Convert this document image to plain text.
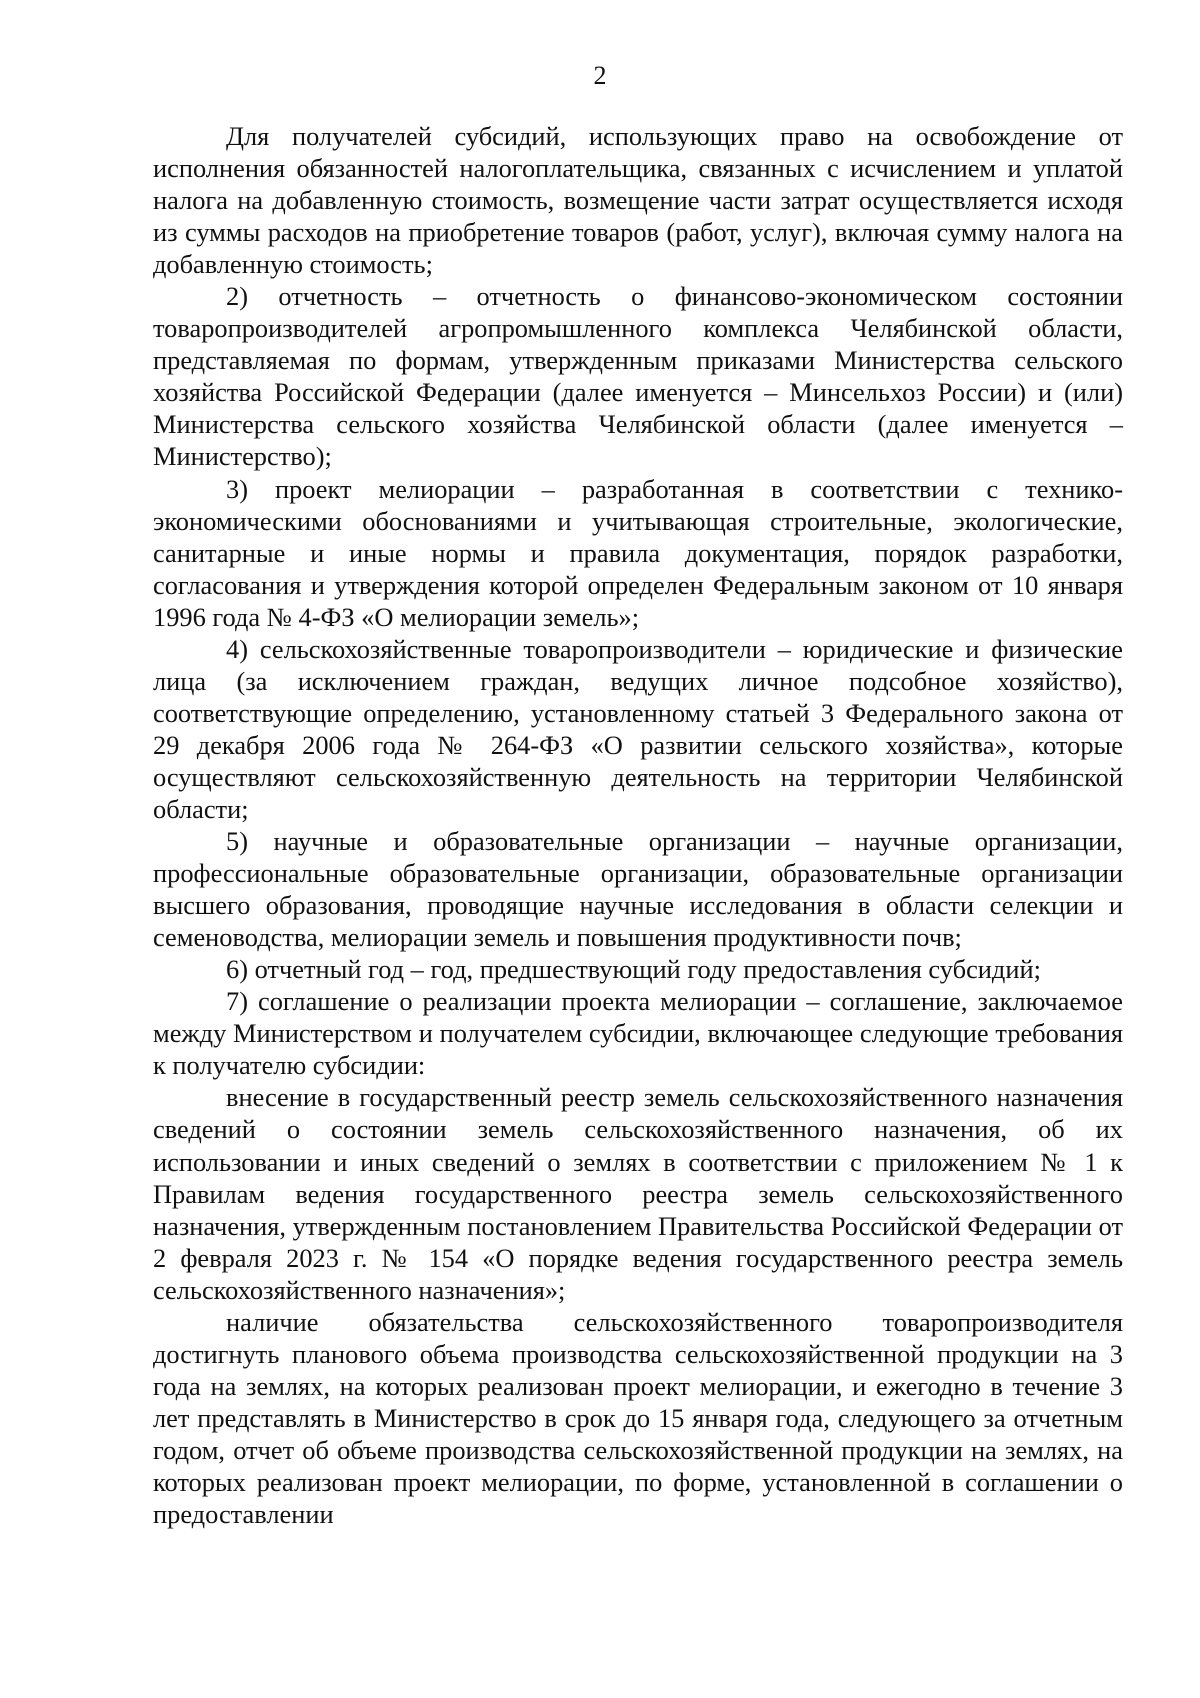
2

Для получателей субсидий, использующих право на освобождение от исполнения обязанностей налогоплательщика, связанных с исчислением и уплатой налога на добавленную стоимость, возмещение части затрат осуществляется исходя из суммы расходов на приобретение товаров (работ, услуг), включая сумму налога на добавленную стоимость;

2) отчетность – отчетность о финансово-экономическом состоянии товаропроизводителей агропромышленного комплекса Челябинской области, представляемая по формам, утвержденным приказами Министерства сельского хозяйства Российской Федерации (далее именуется – Минсельхоз России) и (или) Министерства сельского хозяйства Челябинской области (далее именуется – Министерство);

3) проект мелиорации – разработанная в соответствии с технико-экономическими обоснованиями и учитывающая строительные, экологические, санитарные и иные нормы и правила документация, порядок разработки, согласования и утверждения которой определен Федеральным законом от 10 января 1996 года № 4-ФЗ «О мелиорации земель»;

4) сельскохозяйственные товаропроизводители – юридические и физические лица (за исключением граждан, ведущих личное подсобное хозяйство), соответствующие определению, установленному статьей 3 Федерального закона от 29 декабря 2006 года № 264-ФЗ «О развитии сельского хозяйства», которые осуществляют сельскохозяйственную деятельность на территории Челябинской области;

5) научные и образовательные организации – научные организации, профессиональные образовательные организации, образовательные организации высшего образования, проводящие научные исследования в области селекции и семеноводства, мелиорации земель и повышения продуктивности почв;

6) отчетный год – год, предшествующий году предоставления субсидий;

7) соглашение о реализации проекта мелиорации – соглашение, заключаемое между Министерством и получателем субсидии, включающее следующие требования к получателю субсидии:

внесение в государственный реестр земель сельскохозяйственного назначения сведений о состоянии земель сельскохозяйственного назначения, об их использовании и иных сведений о землях в соответствии с приложением № 1 к Правилам ведения государственного реестра земель сельскохозяйственного назначения, утвержденным постановлением Правительства Российской Федерации от 2 февраля 2023 г. № 154 «О порядке ведения государственного реестра земель сельскохозяйственного назначения»;

наличие обязательства сельскохозяйственного товаропроизводителя достигнуть планового объема производства сельскохозяйственной продукции на 3 года на землях, на которых реализован проект мелиорации, и ежегодно в течение 3 лет представлять в Министерство в срок до 15 января года, следующего за отчетным годом, отчет об объеме производства сельскохозяйственной продукции на землях, на которых реализован проект мелиорации, по форме, установленной в соглашении о предоставлении
